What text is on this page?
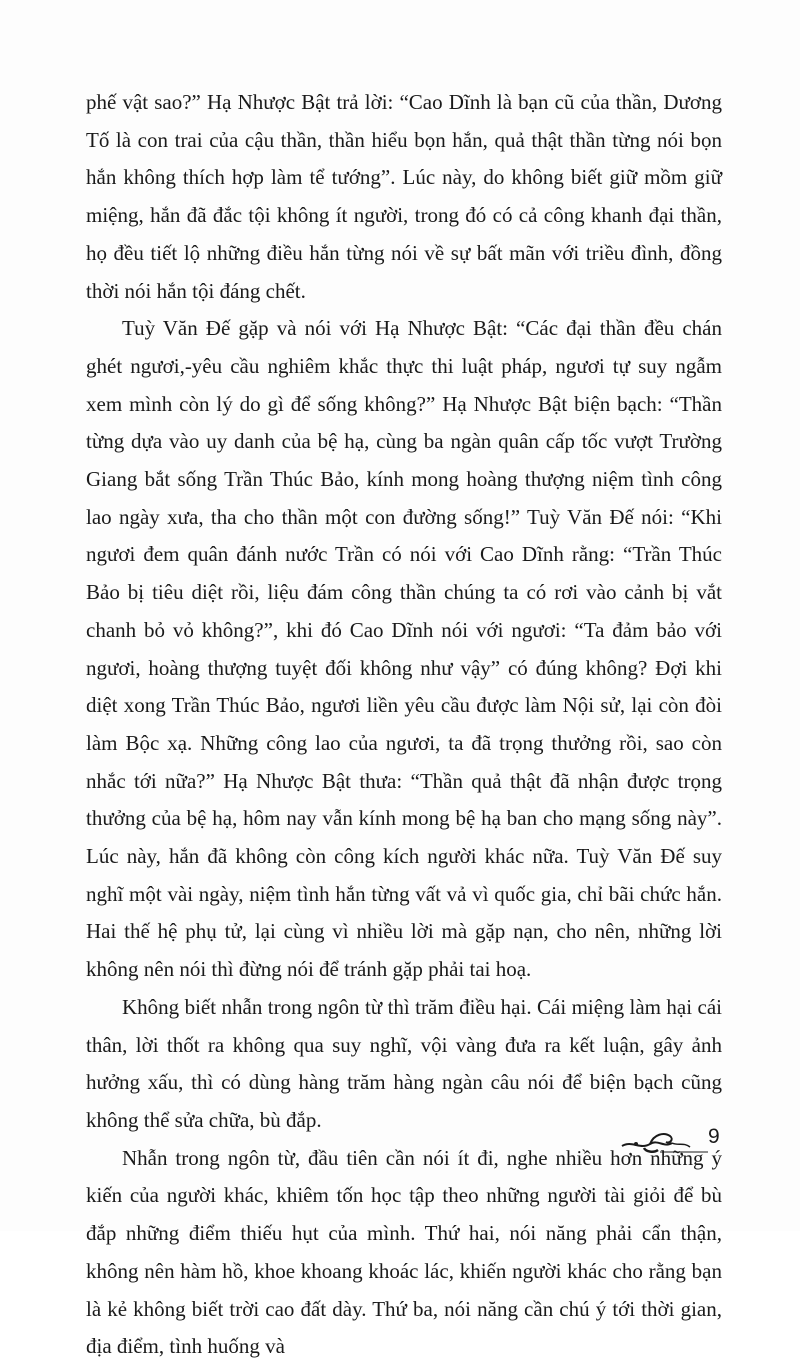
phế vật sao?” Hạ Nhược Bật trả lời: “Cao Dĩnh là bạn cũ của thần, Dương Tố là con trai của cậu thần, thần hiểu bọn hắn, quả thật thần từng nói bọn hắn không thích hợp làm tể tướng”. Lúc này, do không biết giữ mồm giữ miệng, hắn đã đắc tội không ít người, trong đó có cả công khanh đại thần, họ đều tiết lộ những điều hắn từng nói về sự bất mãn với triều đình, đồng thời nói hắn tội đáng chết.

Tuỳ Văn Đế gặp và nói với Hạ Nhược Bật: “Các đại thần đều chán ghét ngươi,-yêu cầu nghiêm khắc thực thi luật pháp, ngươi tự suy ngẫm xem mình còn lý do gì để sống không?” Hạ Nhược Bật biện bạch: “Thần từng dựa vào uy danh của bệ hạ, cùng ba ngàn quân cấp tốc vượt Trường Giang bắt sống Trần Thúc Bảo, kính mong hoàng thượng niệm tình công lao ngày xưa, tha cho thần một con đường sống!” Tuỳ Văn Đế nói: “Khi ngươi đem quân đánh nước Trần có nói với Cao Dĩnh rằng: “Trần Thúc Bảo bị tiêu diệt rồi, liệu đám công thần chúng ta có rơi vào cảnh bị vắt chanh bỏ vỏ không?”, khi đó Cao Dĩnh nói với ngươi: “Ta đảm bảo với ngươi, hoàng thượng tuyệt đối không như vậy” có đúng không? Đợi khi diệt xong Trần Thúc Bảo, ngươi liền yêu cầu được làm Nội sử, lại còn đòi làm Bộc xạ. Những công lao của ngươi, ta đã trọng thưởng rồi, sao còn nhắc tới nữa?” Hạ Nhược Bật thưa: “Thần quả thật đã nhận được trọng thưởng của bệ hạ, hôm nay vẫn kính mong bệ hạ ban cho mạng sống này”. Lúc này, hắn đã không còn công kích người khác nữa. Tuỳ Văn Đế suy nghĩ một vài ngày, niệm tình hắn từng vất vả vì quốc gia, chỉ bãi chức hắn. Hai thế hệ phụ tử, lại cùng vì nhiều lời mà gặp nạn, cho nên, những lời không nên nói thì đừng nói để tránh gặp phải tai hoạ.

Không biết nhẫn trong ngôn từ thì trăm điều hại. Cái miệng làm hại cái thân, lời thốt ra không qua suy nghĩ, vội vàng đưa ra kết luận, gây ảnh hưởng xấu, thì có dùng hàng trăm hàng ngàn câu nói để biện bạch cũng không thể sửa chữa, bù đắp.

Nhẫn trong ngôn từ, đầu tiên cần nói ít đi, nghe nhiều hơn những ý kiến của người khác, khiêm tốn học tập theo những người tài giỏi để bù đắp những điểm thiếu hụt của mình. Thứ hai, nói năng phải cẩn thận, không nên hàm hồ, khoe khoang khoác lác, khiến người khác cho rằng bạn là kẻ không biết trời cao đất dày. Thứ ba, nói năng cần chú ý tới thời gian, địa điểm, tình huống và

9
